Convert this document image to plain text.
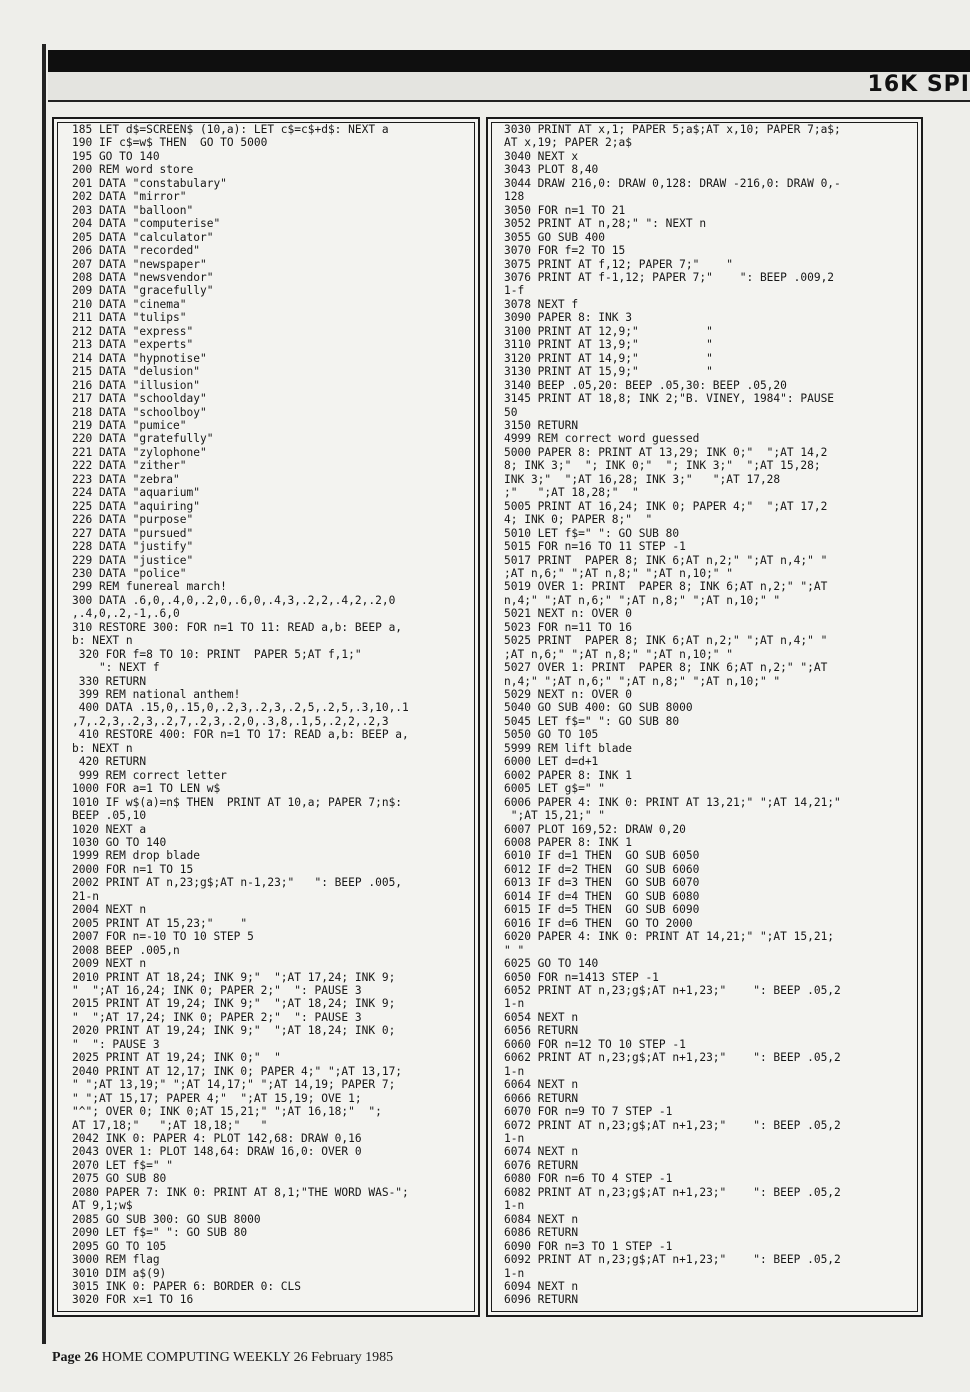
16K SPI
185 LET d$=SCREEN$ (10,a): LET c$=c$+d$: NEXT a
190 IF c$=w$ THEN  GO TO 5000
195 GO TO 140
200 REM word store
201 DATA "constabulary"
202 DATA "mirror"
203 DATA "balloon"
204 DATA "computerise"
205 DATA "calculator"
206 DATA "recorded"
207 DATA "newspaper"
208 DATA "newsvendor"
209 DATA "gracefully"
210 DATA "cinema"
211 DATA "tulips"
212 DATA "express"
213 DATA "experts"
214 DATA "hypnotise"
215 DATA "delusion"
216 DATA "illusion"
217 DATA "schoolday"
218 DATA "schoolboy"
219 DATA "pumice"
220 DATA "gratefully"
221 DATA "zylophone"
222 DATA "zither"
223 DATA "zebra"
224 DATA "aquarium"
225 DATA "aquiring"
226 DATA "purpose"
227 DATA "pursued"
228 DATA "justify"
229 DATA "justice"
230 DATA "police"
299 REM funereal march!
300 DATA .6,0,.4,0,.2,0,.6,0,.4,3,.2,2,.4,2,.2,0
,.4,0,.2,-1,.6,0
310 RESTORE 300: FOR n=1 TO 11: READ a,b: BEEP a,
b: NEXT n
320 FOR f=8 TO 10: PRINT  PAPER 5;AT f,1;"
": NEXT f
330 RETURN
399 REM national anthem!
400 DATA .15,0,.15,0,.2,3,.2,3,.2,5,.2,5,.3,10,.1
,7,.2,3,.2,3,.2,7,.2,3,.2,0,.3,8,.1,5,.2,2,.2,3
410 RESTORE 400: FOR n=1 TO 17: READ a,b: BEEP a,
b: NEXT n
420 RETURN
999 REM correct letter
1000 FOR a=1 TO LEN w$
1010 IF w$(a)=n$ THEN  PRINT AT 10,a; PAPER 7;n$:
BEEP .05,10
1020 NEXT a
1030 GO TO 140
1999 REM drop blade
2000 FOR n=1 TO 15
2002 PRINT AT n,23;g$;AT n-1,23;"   ": BEEP .005,
21-n
2004 NEXT n
2005 PRINT AT 15,23;"    "
2007 FOR n=-10 TO 10 STEP 5
2008 BEEP .005,n
2009 NEXT n
2010 PRINT AT 18,24; INK 9;"  ";AT 17,24; INK 9;
"  ";AT 16,24; INK 0; PAPER 2;"  ": PAUSE 3
2015 PRINT AT 19,24; INK 9;"  ";AT 18,24; INK 9;
"  ";AT 17,24; INK 0; PAPER 2;"  ": PAUSE 3
2020 PRINT AT 19,24; INK 9;"  ";AT 18,24; INK 0;
"  ": PAUSE 3
2025 PRINT AT 19,24; INK 0;"  "
2040 PRINT AT 12,17; INK 0; PAPER 4;" ";AT 13,17;
" ";AT 13,19;" ";AT 14,17;" ";AT 14,19; PAPER 7;
" ";AT 15,17; PAPER 4;"  ";AT 15,19; OVE 1;
"^"; OVER 0; INK 0;AT 15,21;" ";AT 16,18;"  ";
AT 17,18;"   ";AT 18,18;"   "
2042 INK 0: PAPER 4: PLOT 142,68: DRAW 0,16
2043 OVER 1: PLOT 148,64: DRAW 16,0: OVER 0
2070 LET f$=" "
2075 GO SUB 80
2080 PAPER 7: INK 0: PRINT AT 8,1;"THE WORD WAS-";
AT 9,1;w$
2085 GO SUB 300: GO SUB 8000
2090 LET f$=" ": GO SUB 80
2095 GO TO 105
3000 REM flag
3010 DIM a$(9)
3015 INK 0: PAPER 6: BORDER 0: CLS
3020 FOR x=1 TO 16
3030 PRINT AT x,1; PAPER 5;a$;AT x,10; PAPER 7;a$;
AT x,19; PAPER 2;a$
3040 NEXT x
3043 PLOT 8,40
3044 DRAW 216,0: DRAW 0,128: DRAW -216,0: DRAW 0,-
128
3050 FOR n=1 TO 21
3052 PRINT AT n,28;" ": NEXT n
3055 GO SUB 400
3070 FOR f=2 TO 15
3075 PRINT AT f,12; PAPER 7;"    "
3076 PRINT AT f-1,12; PAPER 7;"    ": BEEP .009,2
1-f
3078 NEXT f
3090 PAPER 8: INK 3
3100 PRINT AT 12,9;"          "
3110 PRINT AT 13,9;"          "
3120 PRINT AT 14,9;"          "
3130 PRINT AT 15,9;"          "
3140 BEEP .05,20: BEEP .05,30: BEEP .05,20
3145 PRINT AT 18,8; INK 2;"B. VINEY, 1984": PAUSE
50
3150 RETURN
4999 REM correct word guessed
5000 PAPER 8: PRINT AT 13,29; INK 0;"  ";AT 14,2
8; INK 3;"  "; INK 0;"  "; INK 3;"  ";AT 15,28;
INK 3;"  ";AT 16,28; INK 3;"   ";AT 17,28
;"   ";AT 18,28;"  "
5005 PRINT AT 16,24; INK 0; PAPER 4;"  ";AT 17,2
4; INK 0; PAPER 8;"  "
5010 LET f$=" ": GO SUB 80
5015 FOR n=16 TO 11 STEP -1
5017 PRINT  PAPER 8; INK 6;AT n,2;" ";AT n,4;" "
;AT n,6;" ";AT n,8;" ";AT n,10;" "
5019 OVER 1: PRINT  PAPER 8; INK 6;AT n,2;" ";AT
n,4;" ";AT n,6;" ";AT n,8;" ";AT n,10;" "
5021 NEXT n: OVER 0
5023 FOR n=11 TO 16
5025 PRINT  PAPER 8; INK 6;AT n,2;" ";AT n,4;" "
;AT n,6;" ";AT n,8;" ";AT n,10;" "
5027 OVER 1: PRINT  PAPER 8; INK 6;AT n,2;" ";AT
n,4;" ";AT n,6;" ";AT n,8;" ";AT n,10;" "
5029 NEXT n: OVER 0
5040 GO SUB 400: GO SUB 8000
5045 LET f$=" ": GO SUB 80
5050 GO TO 105
5999 REM lift blade
6000 LET d=d+1
6002 PAPER 8: INK 1
6005 LET g$=" "
6006 PAPER 4: INK 0: PRINT AT 13,21;" ";AT 14,21;"
";AT 15,21;" "
6007 PLOT 169,52: DRAW 0,20
6008 PAPER 8: INK 1
6010 IF d=1 THEN  GO SUB 6050
6012 IF d=2 THEN  GO SUB 6060
6013 IF d=3 THEN  GO SUB 6070
6014 IF d=4 THEN  GO SUB 6080
6015 IF d=5 THEN  GO SUB 6090
6016 IF d=6 THEN  GO TO 2000
6020 PAPER 4: INK 0: PRINT AT 14,21;" ";AT 15,21;
" "
6025 GO TO 140
6050 FOR n=1413 STEP -1
6052 PRINT AT n,23;g$;AT n+1,23;"    ": BEEP .05,2
1-n
6054 NEXT n
6056 RETURN
6060 FOR n=12 TO 10 STEP -1
6062 PRINT AT n,23;g$;AT n+1,23;"    ": BEEP .05,2
1-n
6064 NEXT n
6066 RETURN
6070 FOR n=9 TO 7 STEP -1
6072 PRINT AT n,23;g$;AT n+1,23;"    ": BEEP .05,2
1-n
6074 NEXT n
6076 RETURN
6080 FOR n=6 TO 4 STEP -1
6082 PRINT AT n,23;g$;AT n+1,23;"    ": BEEP .05,2
1-n
6084 NEXT n
6086 RETURN
6090 FOR n=3 TO 1 STEP -1
6092 PRINT AT n,23;g$;AT n+1,23;"    ": BEEP .05,2
1-n
6094 NEXT n
6096 RETURN
Page 26 HOME COMPUTING WEEKLY 26 February 1985
